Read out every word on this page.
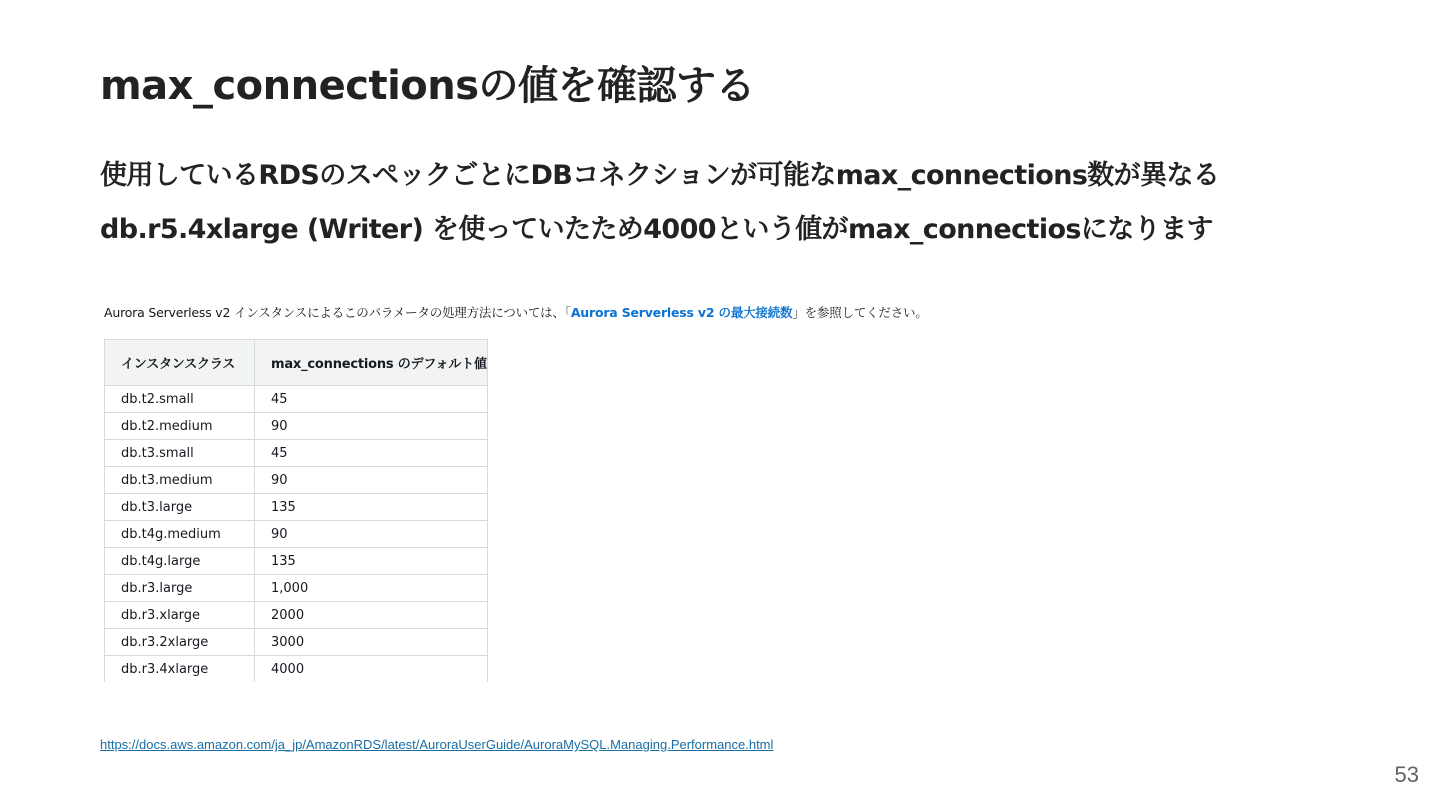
max_connectionsの値を確認する
使用しているRDSのスペックごとにDBコネクションが可能なmax_connections数が異なる
db.r5.4xlarge (Writer) を使っていたため4000という値がmax_connectiosになります
Aurora Serverless v2 インスタンスによるこのパラメータの処理方法については、「Aurora Serverless v2 の最大接続数」を参照してください。
インスタンスクラス	max_connections のデフォルト値
db.t2.small	45
db.t2.medium	90
db.t3.small	45
db.t3.medium	90
db.t3.large	135
db.t4g.medium	90
db.t4g.large	135
db.r3.large	1,000
db.r3.xlarge	2000
db.r3.2xlarge	3000
db.r3.4xlarge	4000
https://docs.aws.amazon.com/ja_jp/AmazonRDS/latest/AuroraUserGuide/AuroraMySQL.Managing.Performance.html
53
